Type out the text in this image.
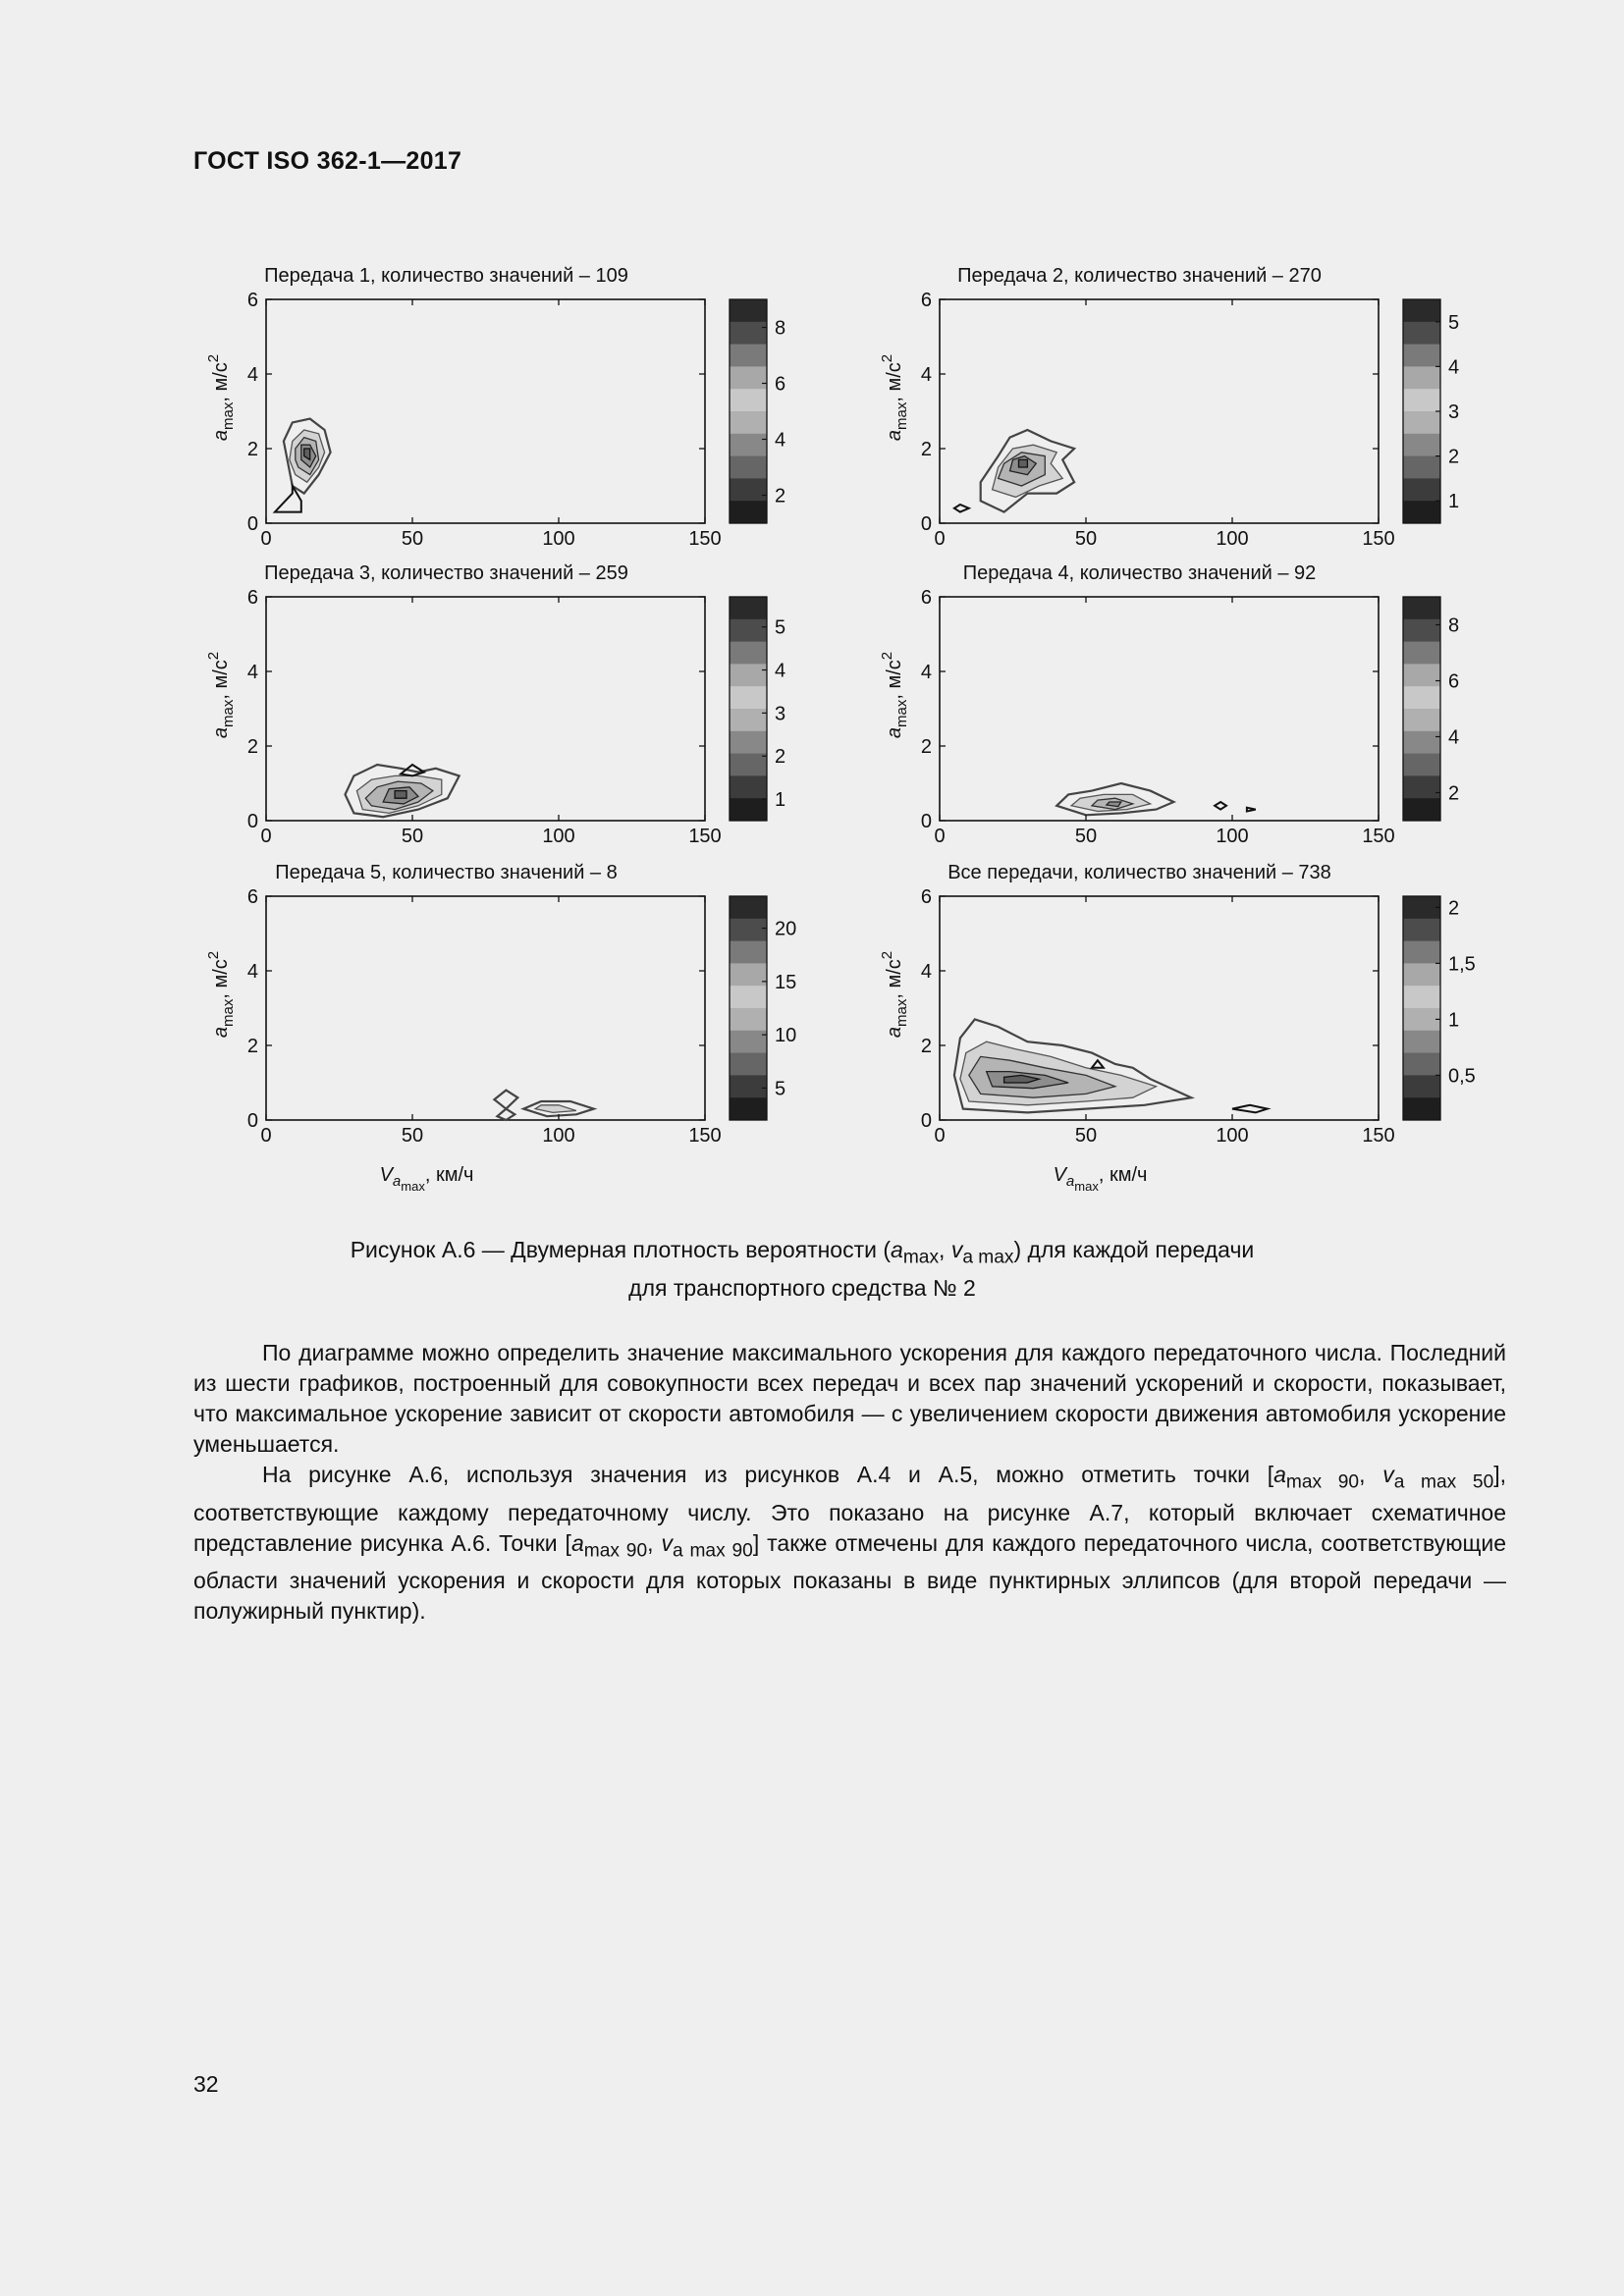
ГОСТ ISO 362-1—2017
0	50	100	150
0
2
4
6
Передача 1, количество значений – 109
$a_{max}$, $м/с^2$
8
6
4
2
0	50	100	150
0
2
4
6
Передача 2, количество значений – 270
$a_{max}$, $м/с^2$
5
4
3
2
1
0	50	100	150
0
2
4
6
Передача 3, количество значений – 259
$a_{max}$, $м/с^2$
5
4
3
2
1
0	50	100	150
0
2
4
6
Передача 4, количество значений – 92
$a_{max}$, $м/с^2$
8
6
4
2
0	50	100	150
0
2
4
6
Передача 5, количество значений – 8
$a_{max}$, $м/с^2$
20
15
10
5
0	50	100	150
0
2
4
6
Все передачи, количество значений – 738
$a_{max}$, $м/с^2$
2
1,5
1
0,5
$V_{amax}$, км/ч	$V_{amax}$, км/ч
Рисунок А.6 — Двумерная плотность вероятности ($a_{max}$, $v_{a max}$) для каждой передачи
для транспортного средства № 2

По диаграмме можно определить значение максимального ускорения для каждого передаточного числа. Последний из шести графиков, построенный для совокупности всех передач и всех пар значений ускорений и скорости, показывает, что максимальное ускорение зависит от скорости автомобиля — с увеличением скорости движения автомобиля ускорение уменьшается.

На рисунке А.6, используя значения из рисунков А.4 и А.5, можно отметить точки [$a_{max 90}$, $v_{a max 50}$], соответствующие каждому передаточному числу. Это показано на рисунке А.7, который включает схематичное представление рисунка А.6. Точки [$a_{max 90}$, $v_{a max 90}$] также отмечены для каждого передаточного числа, соответствующие области значений ускорения и скорости для которых показаны в виде пунктирных эллипсов (для второй передачи — полужирный пунктир).

32
